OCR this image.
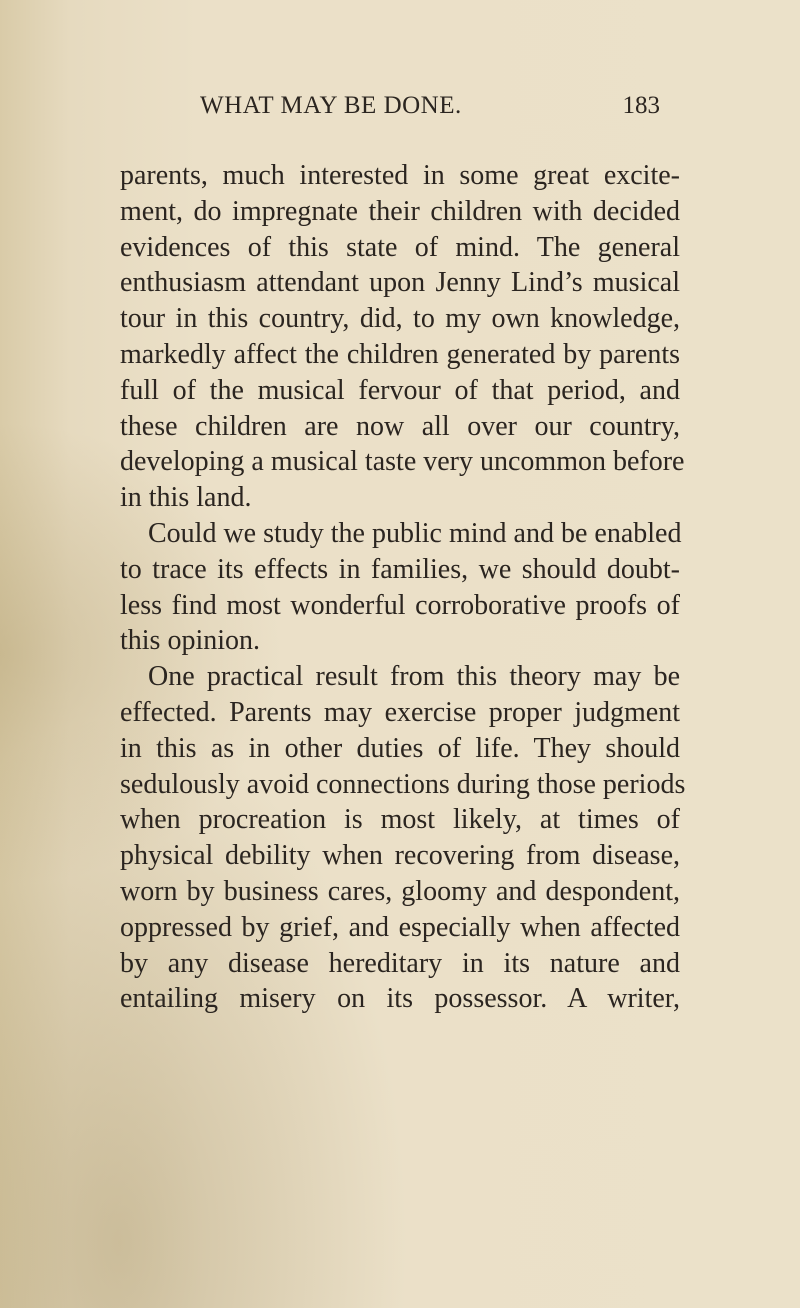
WHAT MAY BE DONE.	183
parents, much interested in some great excite-
ment, do impregnate their children with decided
evidences of this state of mind. The general
enthusiasm attendant upon Jenny Lind’s musical
tour in this country, did, to my own knowledge,
markedly affect the children generated by parents
full of the musical fervour of that period, and
these children are now all over our country,
developing a musical taste very uncommon before
in this land.
Could we study the public mind and be enabled
to trace its effects in families, we should doubt-
less find most wonderful corroborative proofs of
this opinion.
One practical result from this theory may be
effected. Parents may exercise proper judgment
in this as in other duties of life. They should
sedulously avoid connections during those periods
when procreation is most likely, at times of
physical debility when recovering from disease,
worn by business cares, gloomy and despondent,
oppressed by grief, and especially when affected
by any disease hereditary in its nature and
entailing misery on its possessor. A writer,
